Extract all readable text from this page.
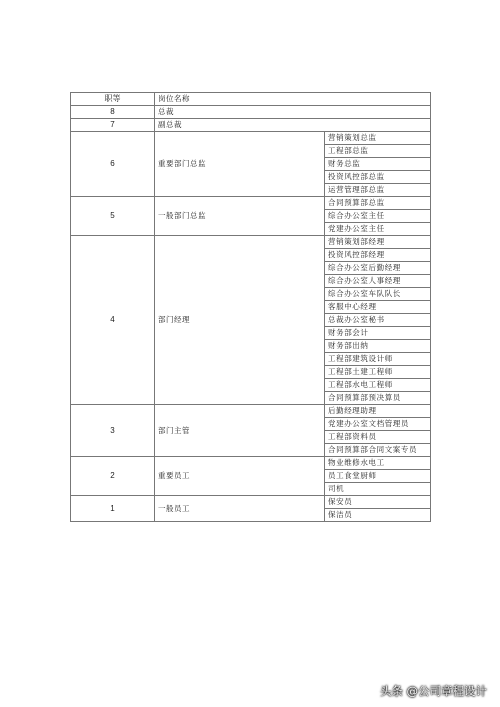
职等	岗位名称	
8	总裁	
7	副总裁	
6	重要部门总监	营销策划总监
		工程部总监
		财务总监
		投资风控部总监
		运营管理部总监
5	一般部门总监	合同预算部总监
		综合办公室主任
		党建办公室主任
4	部门经理	营销策划部经理
		投资风控部经理
		综合办公室后勤经理
		综合办公室人事经理
		综合办公室车队队长
		客服中心经理
		总裁办公室秘书
		财务部会计
		财务部出纳
		工程部建筑设计师
		工程部土建工程师
		工程部水电工程师
		合同预算部预决算员
3	部门主管	后勤经理助理
		党建办公室文档管理员
		工程部资料员
		合同预算部合同文案专员
2	重要员工	物业维修水电工
		员工食堂厨师
		司机
1	一般员工	保安员
		保洁员
头条 @公司章程设计
